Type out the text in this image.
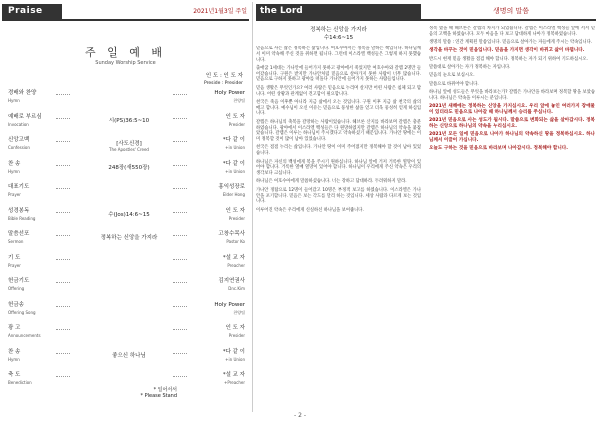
Praise	2021년1월3일 주일
주 일 예 배
Sunday Worship Service
인 도 : 인 도 자
Preside : Presider
경배와 찬양
Hymn
Holy Power
찬양팀
예배로 부르심
Invocation
시(PS)36:5~10
인 도 자
Presider
신앙고백
Confession
[사도신경]
The Apostles' Creed
*다 같 이
+in Union
찬 송
Hymn
248장(새550장)
*다 같 이
+in Union
대표기도
Prayer
홍익성장로
Elder Hong
성경봉독
Bible Reading
수(Jos)14:6~15
인 도 자
Presider
말씀선포
Sermon
정복하는 신앙을 가지라
고창수목사
Pastor Ko
기 도
Prayer
*설 교 자
Preacher
헌금기도
Offering
김지연권사
Dnc.Kim
헌금송
Offering Song
Holy Power
찬양팀
광 고
Announcements
인 도 자
Presider
찬 송
Hymn
좋으신 하나님
*다 같 이
+in Union
축 도
Benediction
*설 교 자
+Preacher
* 일어서서
* Please Stand
the Lord	생명의 말씀
정복하는 신앙을 가지라
수14:6~15

믿음으로 사는 삶은 정복하는 삶입니다. 여호수아서는 정복을 말하는 책입니다. 하나님께서 이미 약속해 주신 것을 취하면 됩니다. 그런데 이스라엘 백성들은 그렇게 하지 못했습니다.

출애굽 1세대는 가나안에 들어가지 못하고 광야에서 죽었지만 여호수아와 갈렙 2명만 들어갔습니다. 구원은 받지만 가나안처럼 믿음으로 살아가지 못한 사람이 너무 많습니다. 믿음으로 구하지 못하고 광야를 떠돌다 가나안에 들어가지 못하는 사람들입니다.

믿음 생활은 무엇인가요? 여러 사람은 믿음으로 누리며 살지만 어떤 사람은 침체 되고 맙니다. 어떤 상황과 관계없이 견고함이 필요합니다.

천국은 죽음 이후뿐 아니라 지금 삶에서 오는 것입니다. 구원 이후 지금 삶 천국의 삶의 매고 합니다. 예수님이 오신 이유는 믿음으로 풍성한 삶을 얻고 더욱 풍성히 얻게 하심입니다.

갈렙은 하나님의 축복을 갈망하는 사람이었습니다. 헤브론 산지를 바라보며 갈렙은 충분하였습니다. 광야에서 이스라엘 백성들은 다 원망하였지만 갈렙은 하나님의 약속을 붙잡았습니다. 갈렙은 이루는 하나님이 주시겠다고 약속하셨기 때문입니다. 가나안 땅에는 이미 정복할 것이 많이 남아 있었습니다.

천국은 점점 누리는 삶입니다. 가나안 땅이 이미 주어졌지만 정복해야 할 것이 남아 있었습니다.

하나님은 자신의 백성에게 복을 주시기 원하십니다. 하나님 앞에 거저 거룩한 열망이 있어야 합니다. 거룩한 열매 열망이 있어야 합니다. 하나님이 우리에게 주신 약속은 우리의 생각보다 크십니다.

하나님은 여호수아에게 말씀하셨습니다. 너는 강하고 담대하라. 두려워하지 말라.

가나안 정탐으로 12명이 들어갔고 10명은 부정적 보고를 하였습니다. 이스라엘은 가나안을 포기합니다. 믿음은 보는 각도를 달리 하는 것입니다. 세상 사람과 다르게 보는 것입니다.

이루어진 약속은 우리에게 신실하신 하나님을 보여줍니다.

정복 했을 때 헤브론은 갈렙의 차지가 되었습니다. 갈렙은 이스라엘 백성들 앞에 서서 믿음의 고백을 하였습니다. 모두 마음을 다 보고 담대하게 나아가 정복하였습니다.

생명의 말씀 : 연간 계획된 말씀입니다. 믿음으로 살아가는 자들에게 주시는 약속입니다.

생각을 바꾸는 것이 믿음입니다. 믿음을 가지면 생각이 바뀌고 삶이 바뀝니다.

반드시 현재 믿음 생활을 점검 해야 합니다. 정복하는 자가 되기 위하여 기도하십시오.

말씀대로 살아가는 자가 정복하는 자입니다.

믿음의 눈으로 보십시오.

말씀으로 바뀌어야 합니다.

하나님 앞에 성도들은 무엇을 바라보는가? 갈렙은 가나안을 바라보며 정복할 땅을 보았습니다. 하나님은 약속을 이루시는 분입니다.

2021년 새해에는 정복하는 신앙을 가지십시오. 우리 앞에 놓인 여러가지 장애물이 있더라도 믿음으로 나아갈 때 하나님께서 승리를 주십니다.

2021년 믿음으로 사는 성도가 됩시다. 말씀으로 변화되는 삶을 살아갑시다. 정복하는 신앙으로 하나님의 약속을 누리십시오.

2021년 모든 일에 믿음으로 나아가 하나님의 약속하신 땅을 정복하십시오. 하나님께서 이끌어 가십니다.

오늘도 구하는 것을 믿음으로 바라보며 나아갑시다. 정복해야 합니다.

- 2 -
